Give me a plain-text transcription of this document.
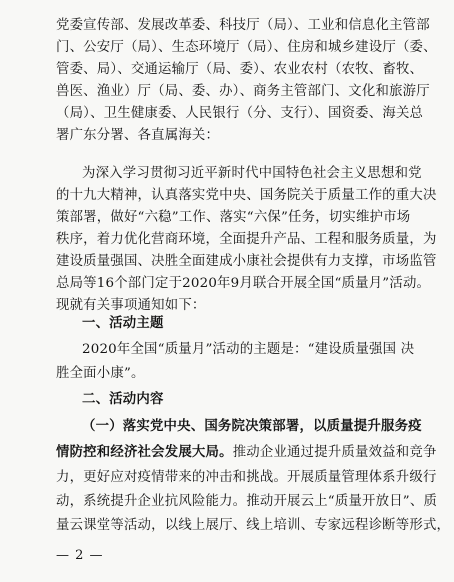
党委宣传部、发展改革委、科技厅（局）、工业和信息化主管部
门、公安厅（局）、生态环境厅（局）、住房和城乡建设厅（委、
管委、局）、交通运输厅（局、委）、农业农村（农牧、畜牧、
兽医、渔业）厅（局、委、办）、商务主管部门、文化和旅游厅
（局）、卫生健康委、人民银行（分、支行）、国资委、海关总
署广东分署、各直属海关：
为深入学习贯彻习近平新时代中国特色社会主义思想和党
的十九大精神，认真落实党中央、国务院关于质量工作的重大决
策部署，做好“六稳”工作、落实“六保”任务，切实维护市场
秩序，着力优化营商环境，全面提升产品、工程和服务质量，为
建设质量强国、决胜全面建成小康社会提供有力支撑，市场监管
总局等16个部门定于2020年9月联合开展全国“质量月”活动。
现就有关事项通知如下：
一、活动主题
2020年全国“质量月”活动的主题是：“建设质量强国 决
胜全面小康”。
二、活动内容
（一）落实党中央、国务院决策部署，以质量提升服务疫
情防控和经济社会发展大局。推动企业通过提升质量效益和竞争
— 2 —
力，更好应对疫情带来的冲击和挑战。开展质量管理体系升级行
动，系统提升企业抗风险能力。推动开展云上“质量开放日”、质
量云课堂等活动，以线上展厅、线上培训、专家远程诊断等形式，
